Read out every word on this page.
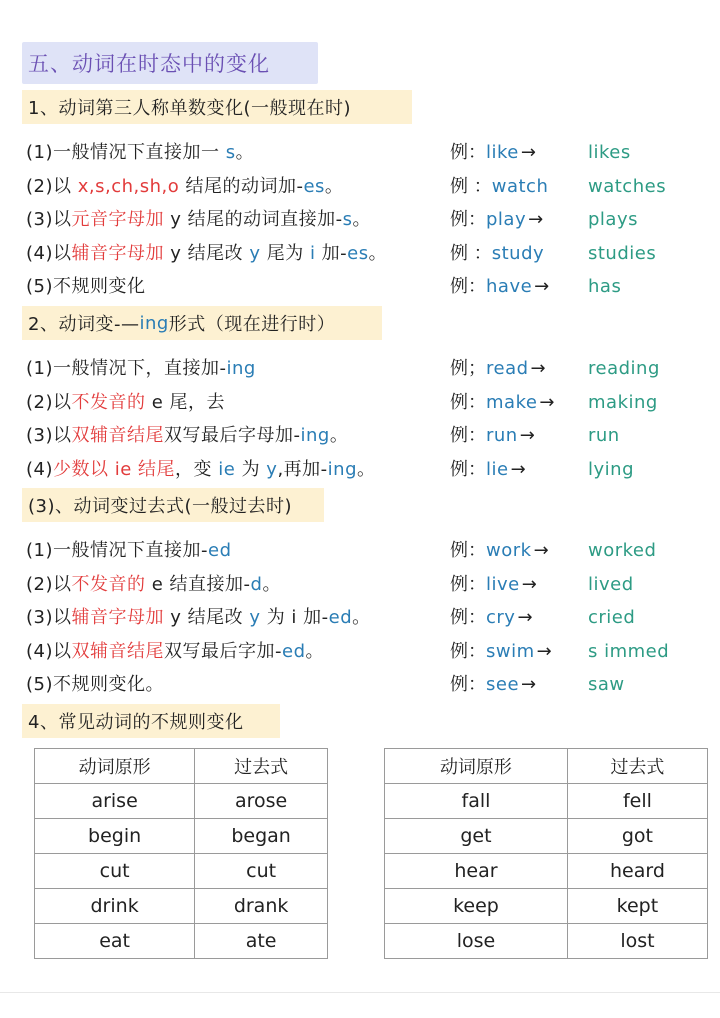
五、动词在时态中的变化
1、动词第三人称单数变化(一般现在时)
(1)一般情况下直接加一 s。	例：like →	likes
(2)以 x,s,ch,sh,o 结尾的动词加-es。	例 ：watch watches
(3)以元音字母加 y 结尾的动词直接加-s。	例：play → plays
(4)以辅音字母加 y 结尾改 y 尾为 i 加-es。	例 ：study studies
(5)不规则变化	例：have → has
2、动词变-— ing 形式（现在进行时）
(1)一般情况下，直接加-ing	例；read → reading
(2)以不发音的 e 尾，去	例：make → making
(3)以双辅音结尾双写最后字母加-ing。	例：run →	run
(4)少数以 ie 结尾，变 ie 为 y,再加-ing。	例：lie →	lying
(3)、动词变过去式(一般过去时)
(1)一般情况下直接加-ed	例：work → worked
(2)以不发音的 e 结直接加-d。	例：live →	lived
(3)以辅音字母加 y 结尾改 y 为 i 加-ed。	例：cry →	cried
(4)以双辅音结尾双写最后字加-ed。	例：swim → s immed
(5)不规则变化。	例：see →	saw
4、常见动词的不规则变化
动词原形	过去式
arise	arose
begin	began
cut	cut
drink	drank
eat	ate
动词原形	过去式
fall	fell
get	got
hear	heard
keep	kept
lose	lost
